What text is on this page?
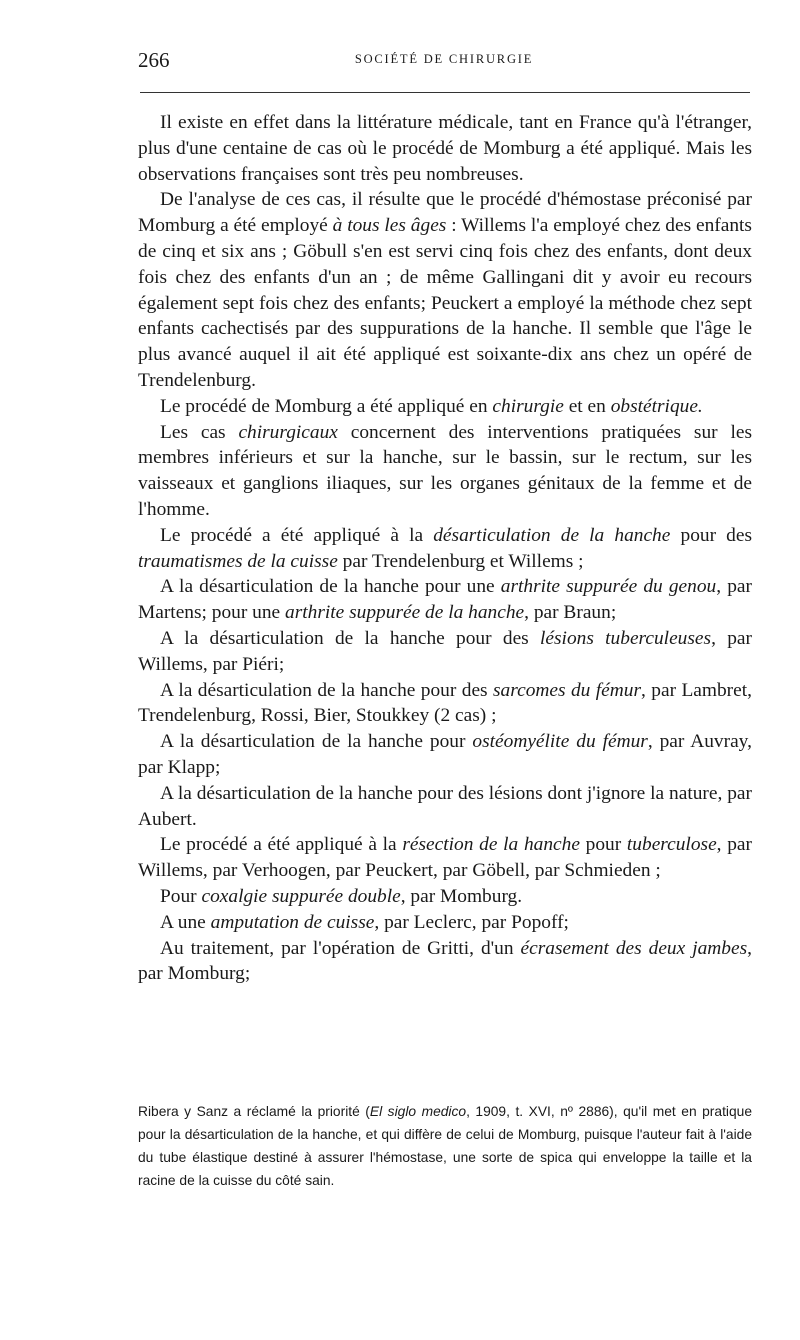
266	SOCIÉTÉ DE CHIRURGIE

Il existe en effet dans la littérature médicale, tant en France qu'à l'étranger, plus d'une centaine de cas où le procédé de Momburg a été appliqué. Mais les observations françaises sont très peu nombreuses.

De l'analyse de ces cas, il résulte que le procédé d'hémostase préconisé par Momburg a été employé à tous les âges : Willems l'a employé chez des enfants de cinq et six ans ; Göbull s'en est servi cinq fois chez des enfants, dont deux fois chez des enfants d'un an ; de même Gallingani dit y avoir eu recours également sept fois chez des enfants; Peuckert a employé la méthode chez sept enfants cachectisés par des suppurations de la hanche. Il semble que l'âge le plus avancé auquel il ait été appliqué est soixante-dix ans chez un opéré de Trendelenburg.

Le procédé de Momburg a été appliqué en chirurgie et en obstétrique.

Les cas chirurgicaux concernent des interventions pratiquées sur les membres inférieurs et sur la hanche, sur le bassin, sur le rectum, sur les vaisseaux et ganglions iliaques, sur les organes génitaux de la femme et de l'homme.

Le procédé a été appliqué à la désarticulation de la hanche pour des traumatismes de la cuisse par Trendelenburg et Willems ;

A la désarticulation de la hanche pour une arthrite suppurée du genou, par Martens; pour une arthrite suppurée de la hanche, par Braun;

A la désarticulation de la hanche pour des lésions tuberculeuses, par Willems, par Piéri;

A la désarticulation de la hanche pour des sarcomes du fémur, par Lambret, Trendelenburg, Rossi, Bier, Stoukkey (2 cas) ;

A la désarticulation de la hanche pour ostéomyélite du fémur, par Auvray, par Klapp;

A la désarticulation de la hanche pour des lésions dont j'ignore la nature, par Aubert.

Le procédé a été appliqué à la résection de la hanche pour tuberculose, par Willems, par Verhoogen, par Peuckert, par Göbell, par Schmieden ;

Pour coxalgie suppurée double, par Momburg.

A une amputation de cuisse, par Leclerc, par Popoff;

Au traitement, par l'opération de Gritti, d'un écrasement des deux jambes, par Momburg;

Ribera y Sanz a réclamé la priorité (El siglo medico, 1909, t. XVI, nº 2886), qu'il met en pratique pour la désarticulation de la hanche, et qui diffère de celui de Momburg, puisque l'auteur fait à l'aide du tube élastique destiné à assurer l'hémostase, une sorte de spica qui enveloppe la taille et la racine de la cuisse du côté sain.
